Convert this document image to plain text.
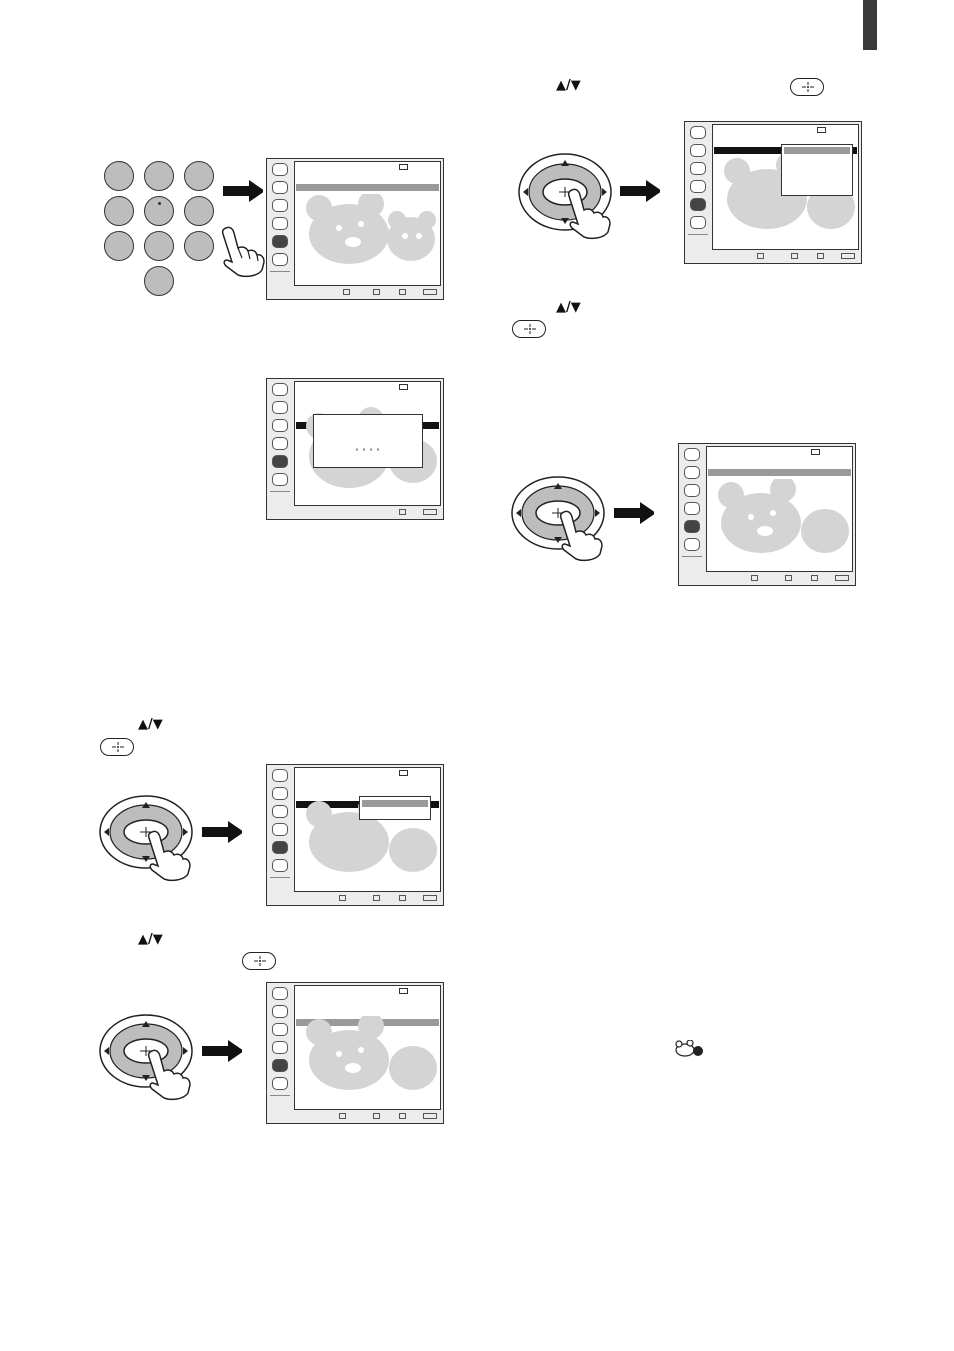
▲/▼
▪ ▪ ▪ ▪
▲/▼
▲/▼
▲/▼
